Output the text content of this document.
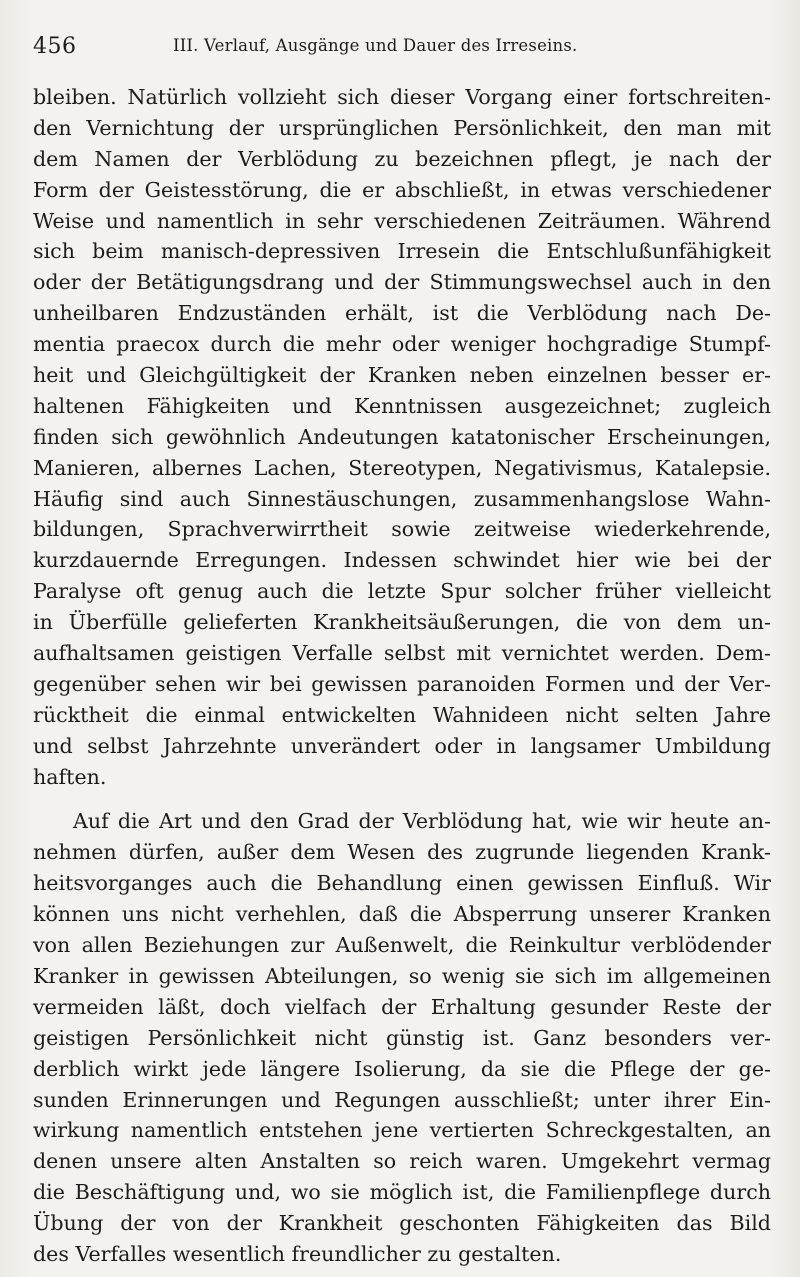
456	III. Verlauf, Ausgänge und Dauer des Irreseins.
bleiben. Natürlich vollzieht sich dieser Vorgang einer fortschreiten-
den Vernichtung der ursprünglichen Persönlichkeit, den man mit
dem Namen der Verblödung zu bezeichnen pflegt, je nach der
Form der Geistesstörung, die er abschließt, in etwas verschiedener
Weise und namentlich in sehr verschiedenen Zeiträumen. Während
sich beim manisch-depressiven Irresein die Entschlußunfähigkeit
oder der Betätigungsdrang und der Stimmungswechsel auch in den
unheilbaren Endzuständen erhält, ist die Verblödung nach De-
mentia praecox durch die mehr oder weniger hochgradige Stumpf-
heit und Gleichgültigkeit der Kranken neben einzelnen besser er-
haltenen Fähigkeiten und Kenntnissen ausgezeichnet; zugleich
finden sich gewöhnlich Andeutungen katatonischer Erscheinungen,
Manieren, albernes Lachen, Stereotypen, Negativismus, Katalepsie.
Häufig sind auch Sinnestäuschungen, zusammenhangslose Wahn-
bildungen, Sprachverwirrtheit sowie zeitweise wiederkehrende,
kurzdauernde Erregungen. Indessen schwindet hier wie bei der
Paralyse oft genug auch die letzte Spur solcher früher vielleicht
in Überfülle gelieferten Krankheitsäußerungen, die von dem un-
aufhaltsamen geistigen Verfalle selbst mit vernichtet werden. Dem-
gegenüber sehen wir bei gewissen paranoiden Formen und der Ver-
rücktheit die einmal entwickelten Wahnideen nicht selten Jahre
und selbst Jahrzehnte unverändert oder in langsamer Umbildung
haften.
Auf die Art und den Grad der Verblödung hat, wie wir heute an-
nehmen dürfen, außer dem Wesen des zugrunde liegenden Krank-
heitsvorganges auch die Behandlung einen gewissen Einfluß. Wir
können uns nicht verhehlen, daß die Absperrung unserer Kranken
von allen Beziehungen zur Außenwelt, die Reinkultur verblödender
Kranker in gewissen Abteilungen, so wenig sie sich im allgemeinen
vermeiden läßt, doch vielfach der Erhaltung gesunder Reste der
geistigen Persönlichkeit nicht günstig ist. Ganz besonders ver-
derblich wirkt jede längere Isolierung, da sie die Pflege der ge-
sunden Erinnerungen und Regungen ausschließt; unter ihrer Ein-
wirkung namentlich entstehen jene vertierten Schreckgestalten, an
denen unsere alten Anstalten so reich waren. Umgekehrt vermag
die Beschäftigung und, wo sie möglich ist, die Familienpflege durch
Übung der von der Krankheit geschonten Fähigkeiten das Bild
des Verfalles wesentlich freundlicher zu gestalten.
